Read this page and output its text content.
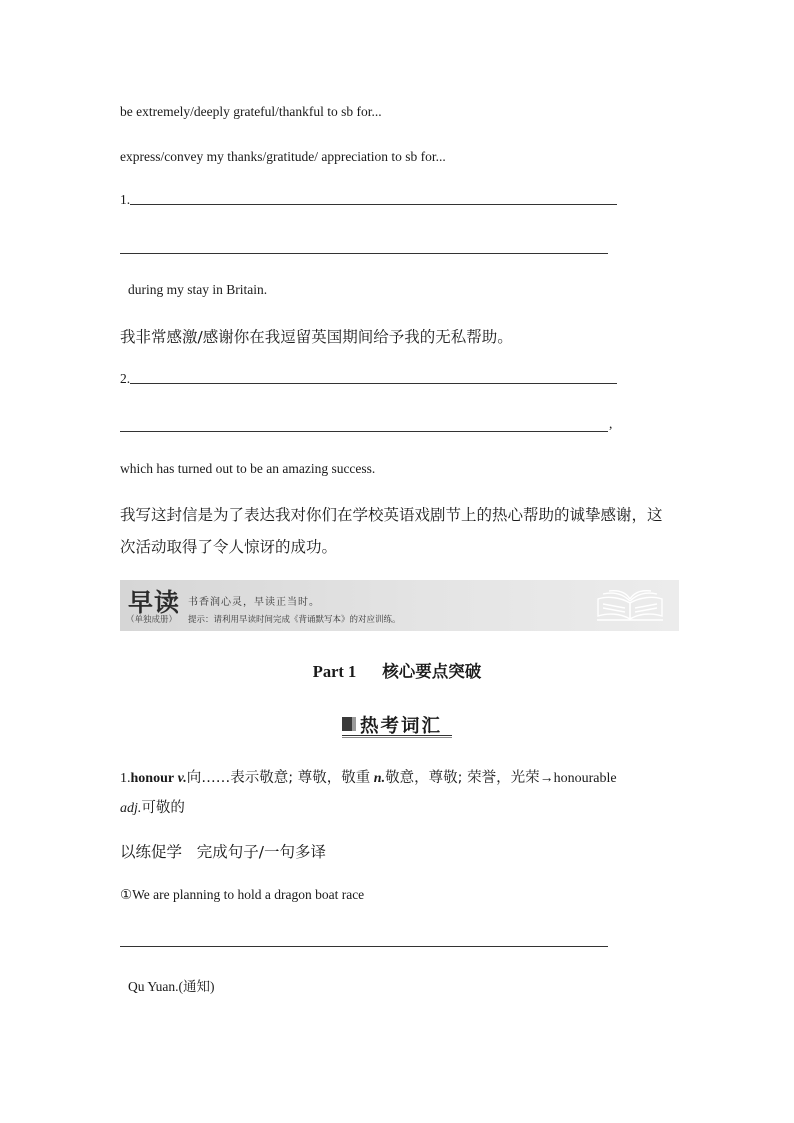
be extremely/deeply grateful/thankful to sb for...
express/convey my thanks/gratitude/ appreciation to sb for...
1.
during my stay in Britain.
我非常感激/感谢你在我逗留英国期间给予我的无私帮助。
2.
,
which has turned out to be an amazing success.
我写这封信是为了表达我对你们在学校英语戏剧节上的热心帮助的诚挚感谢，这
次活动取得了令人惊讶的成功。
早读 书香润心灵，早读正当时。
（单独成册） 提示：请利用早读时间完成《背诵默写本》的对应训练。
Part 1 核心要点突破
热考词汇
1.honour v.向……表示敬意; 尊敬，敬重 n.敬意，尊敬; 荣誉，光荣→honourable
adj.可敬的
以练促学 完成句子/一句多译
①We are planning to hold a dragon boat race
Qu Yuan.(通知)
